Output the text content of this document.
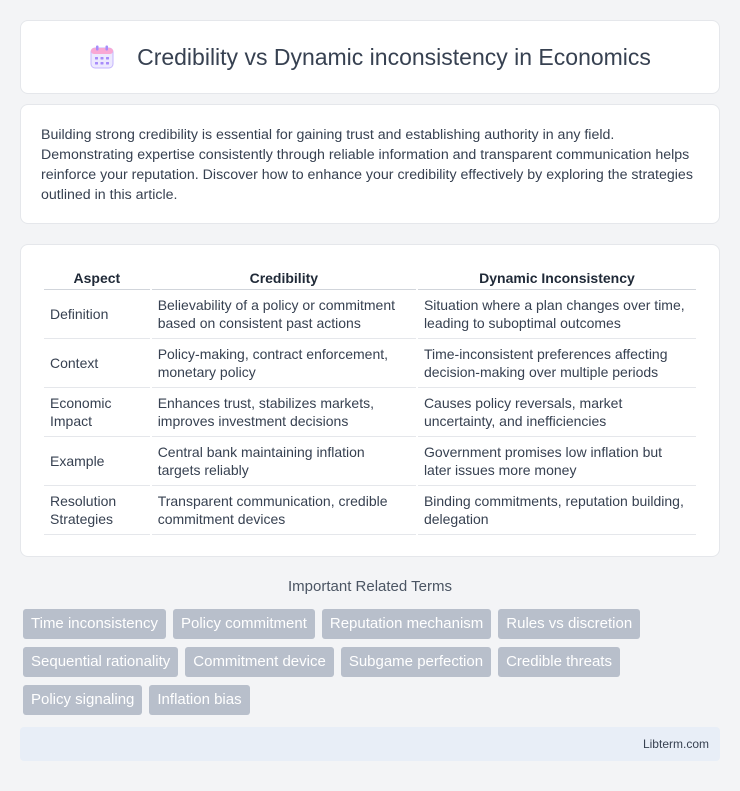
Credibility vs Dynamic inconsistency in Economics

Building strong credibility is essential for gaining trust and establishing authority in any field. Demonstrating expertise consistently through reliable information and transparent communication helps reinforce your reputation. Discover how to enhance your credibility effectively by exploring the strategies outlined in this article.

Aspect	Credibility	Dynamic Inconsistency
Definition	Believability of a policy or commitment based on consistent past actions	Situation where a plan changes over time, leading to suboptimal outcomes
Context	Policy-making, contract enforcement, monetary policy	Time-inconsistent preferences affecting decision-making over multiple periods
Economic Impact	Enhances trust, stabilizes markets, improves investment decisions	Causes policy reversals, market uncertainty, and inefficiencies
Example	Central bank maintaining inflation targets reliably	Government promises low inflation but later issues more money
Resolution Strategies	Transparent communication, credible commitment devices	Binding commitments, reputation building, delegation
Important Related Terms
Time inconsistency	Policy commitment	Reputation mechanism	Rules vs discretion
Sequential rationality	Commitment device	Subgame perfection	Credible threats
Policy signaling	Inflation bias
Libterm.com
